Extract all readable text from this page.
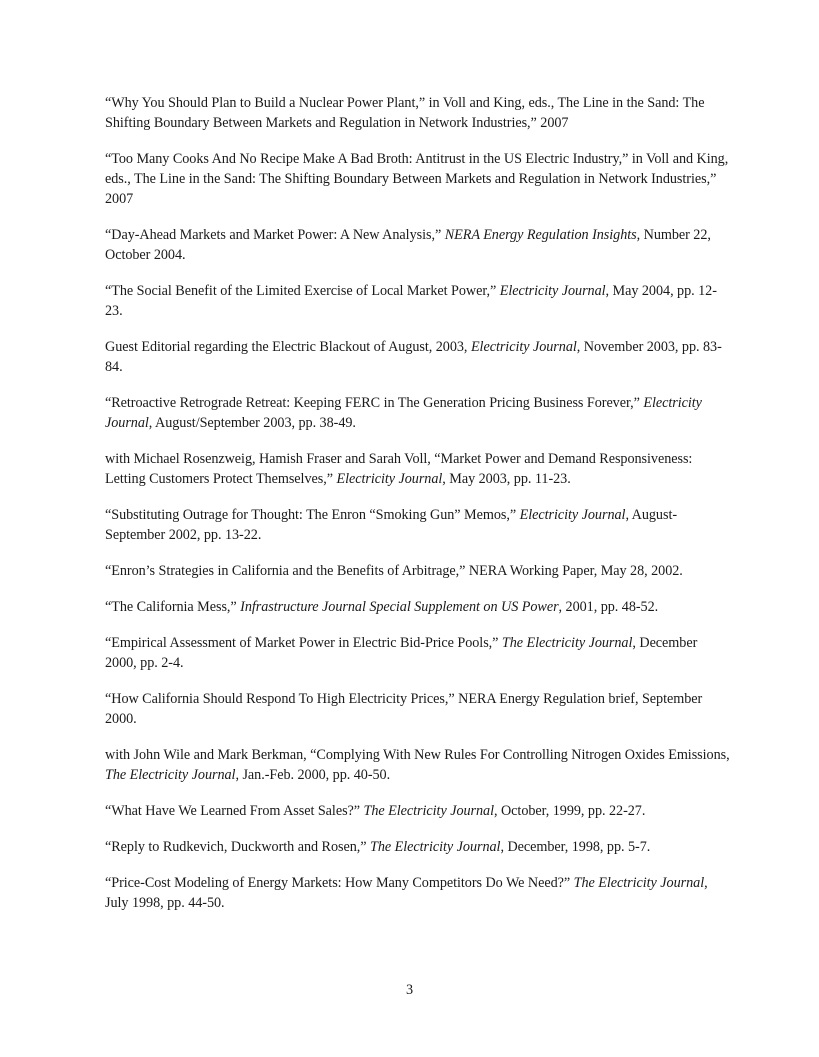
“Why You Should Plan to Build a Nuclear Power Plant,” in Voll and King, eds., The Line in the Sand: The Shifting Boundary Between Markets and Regulation in Network Industries,” 2007

“Too Many Cooks And No Recipe Make A Bad Broth: Antitrust in the US Electric Industry,” in Voll and King, eds., The Line in the Sand: The Shifting Boundary Between Markets and Regulation in Network Industries,” 2007

“Day-Ahead Markets and Market Power: A New Analysis,” NERA Energy Regulation Insights, Number 22, October 2004.

“The Social Benefit of the Limited Exercise of Local Market Power,” Electricity Journal, May 2004, pp. 12-23.

Guest Editorial regarding the Electric Blackout of August, 2003, Electricity Journal, November 2003, pp. 83-84.

“Retroactive Retrograde Retreat: Keeping FERC in The Generation Pricing Business Forever,” Electricity Journal, August/September 2003, pp. 38-49.

with Michael Rosenzweig, Hamish Fraser and Sarah Voll, “Market Power and Demand Responsiveness: Letting Customers Protect Themselves,” Electricity Journal, May 2003, pp. 11-23.

“Substituting Outrage for Thought: The Enron “Smoking Gun” Memos,” Electricity Journal, August-September 2002, pp. 13-22.

“Enron’s Strategies in California and the Benefits of Arbitrage,” NERA Working Paper, May 28, 2002.

“The California Mess,” Infrastructure Journal Special Supplement on US Power, 2001, pp. 48-52.

“Empirical Assessment of Market Power in Electric Bid-Price Pools,” The Electricity Journal, December 2000, pp. 2-4.

“How California Should Respond To High Electricity Prices,” NERA Energy Regulation brief, September 2000.

with John Wile and Mark Berkman, “Complying With New Rules For Controlling Nitrogen Oxides Emissions, The Electricity Journal, Jan.-Feb. 2000, pp. 40-50.

“What Have We Learned From Asset Sales?” The Electricity Journal, October, 1999, pp. 22-27.

“Reply to Rudkevich, Duckworth and Rosen,” The Electricity Journal, December, 1998, pp. 5-7.

“Price-Cost Modeling of Energy Markets: How Many Competitors Do We Need?” The Electricity Journal, July 1998, pp. 44-50.

3
